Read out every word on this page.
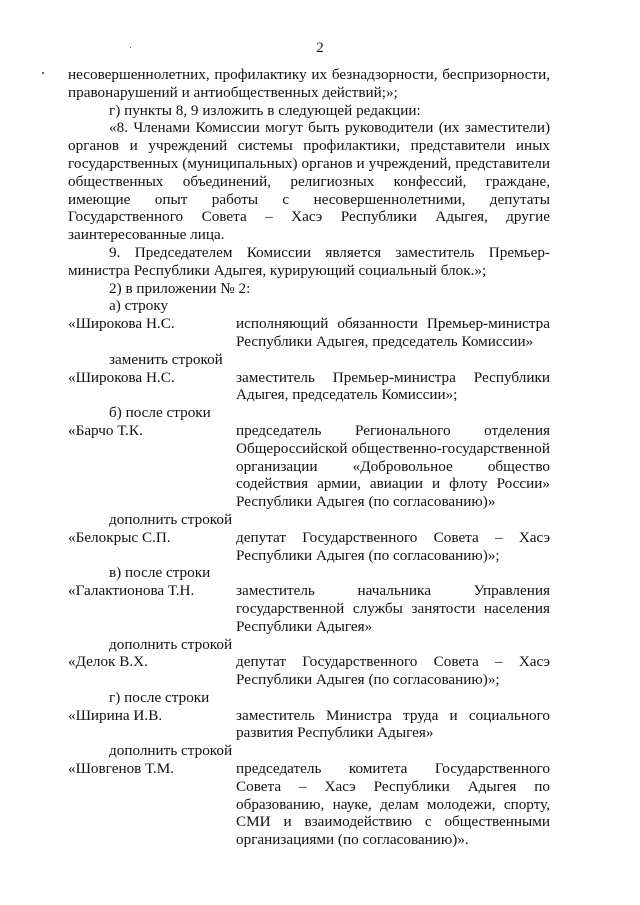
2

несовершеннолетних, профилактику их безнадзорности, беспризорности, правонарушений и антиобщественных действий;»;

г) пункты 8, 9 изложить в следующей редакции:

«8. Членами Комиссии могут быть руководители (их заместители) органов и учреждений системы профилактики, представители иных государственных (муниципальных) органов и учреждений, представители общественных объединений, религиозных конфессий, граждане, имеющие опыт работы с несовершеннолетними, депутаты Государственного Совета – Хасэ Республики Адыгея, другие заинтересованные лица.

9. Председателем Комиссии является заместитель Премьер-министра Республики Адыгея, курирующий социальный блок.»;

2) в приложении № 2:

а) строку

«Широкова Н.С.	исполняющий обязанности Премьер-министра Республики Адыгея, председатель Комиссии»

заменить строкой

«Широкова Н.С.	заместитель Премьер-министра Республики Адыгея, председатель Комиссии»;

б) после строки

«Барчо Т.К.	председатель Регионального отделения Общероссийской общественно-государственной организации «Добровольное общество содействия армии, авиации и флоту России» Республики Адыгея (по согласованию)»

дополнить строкой

«Белокрыс С.П.	депутат Государственного Совета – Хасэ Республики Адыгея (по согласованию)»;

в) после строки

«Галактионова Т.Н.	заместитель начальника Управления государственной службы занятости населения Республики Адыгея»

дополнить строкой

«Делок В.Х.	депутат Государственного Совета – Хасэ Республики Адыгея (по согласованию)»;

г) после строки

«Ширина И.В.	заместитель Министра труда и социального развития Республики Адыгея»

дополнить строкой

«Шовгенов Т.М.	председатель комитета Государственного Совета – Хасэ Республики Адыгея по образованию, науке, делам молодежи, спорту, СМИ и взаимодействию с общественными организациями (по согласованию)».
